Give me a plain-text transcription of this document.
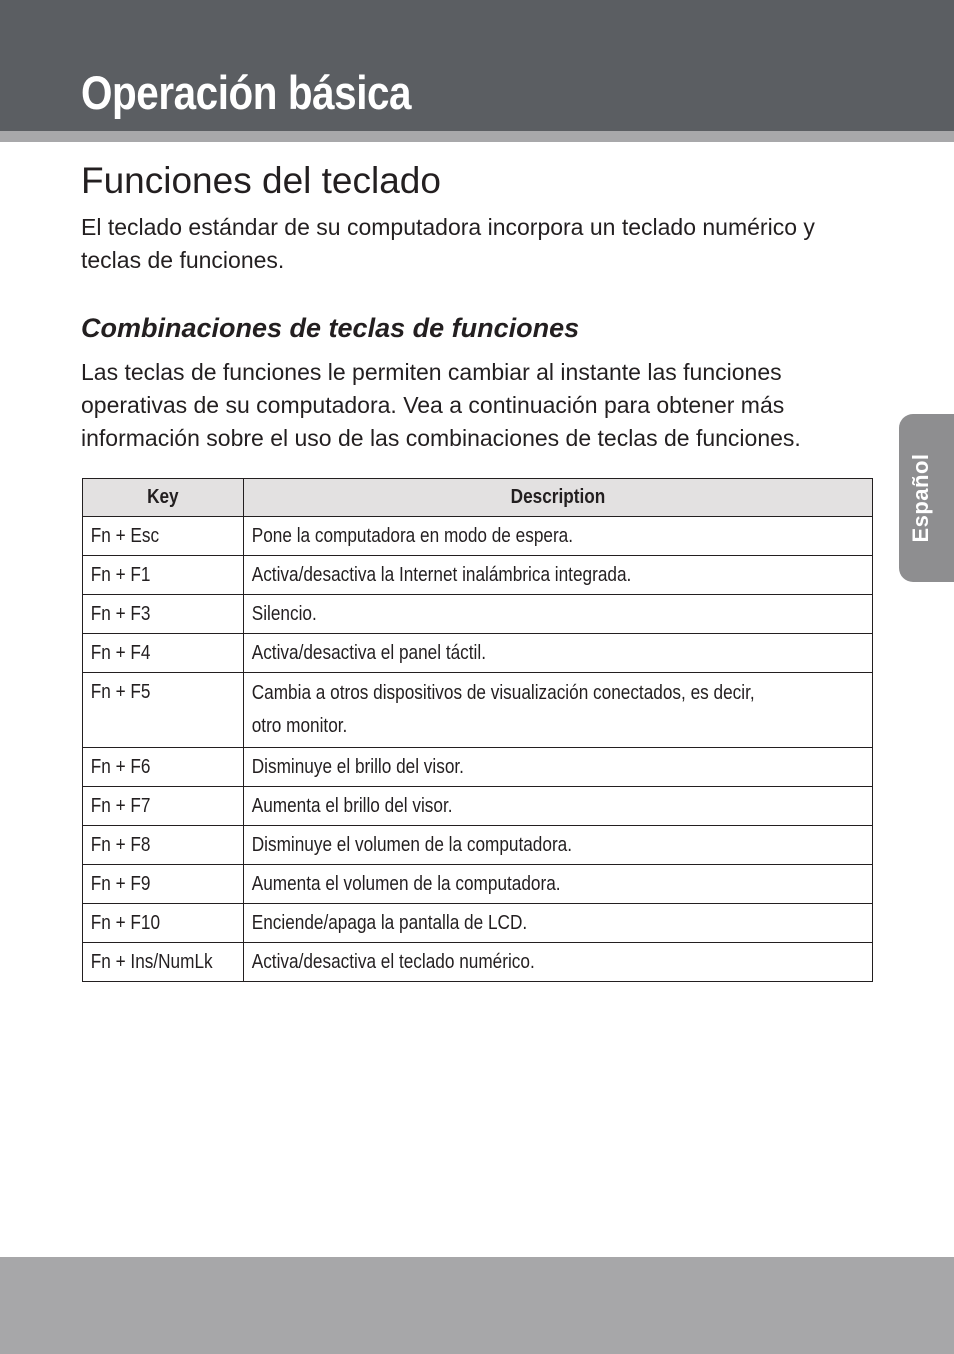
Operación básica
Funciones del teclado

El teclado estándar de su computadora incorpora un teclado numérico y teclas de funciones.

Combinaciones de teclas de funciones

Las teclas de funciones le permiten cambiar al instante las funciones operativas de su computadora. Vea a continuación para obtener más información sobre el uso de las combinaciones de teclas de funciones.

Key	Description

Fn + Esc	Pone la computadora en modo de espera.

Fn + F1	Activa/desactiva la Internet inalámbrica integrada.

Fn + F3	Silencio.

Fn + F4	Activa/desactiva el panel táctil.

Fn + F5	Cambia a otros dispositivos de visualización conectados, es decir, otro monitor.

Fn + F6	Disminuye el brillo del visor.

Fn + F7	Aumenta el brillo del visor.

Fn + F8	Disminuye el volumen de la computadora.

Fn + F9	Aumenta el volumen de la computadora.

Fn + F10	Enciende/apaga la pantalla de LCD.

Fn + Ins/NumLk	Activa/desactiva el teclado numérico.
Español
